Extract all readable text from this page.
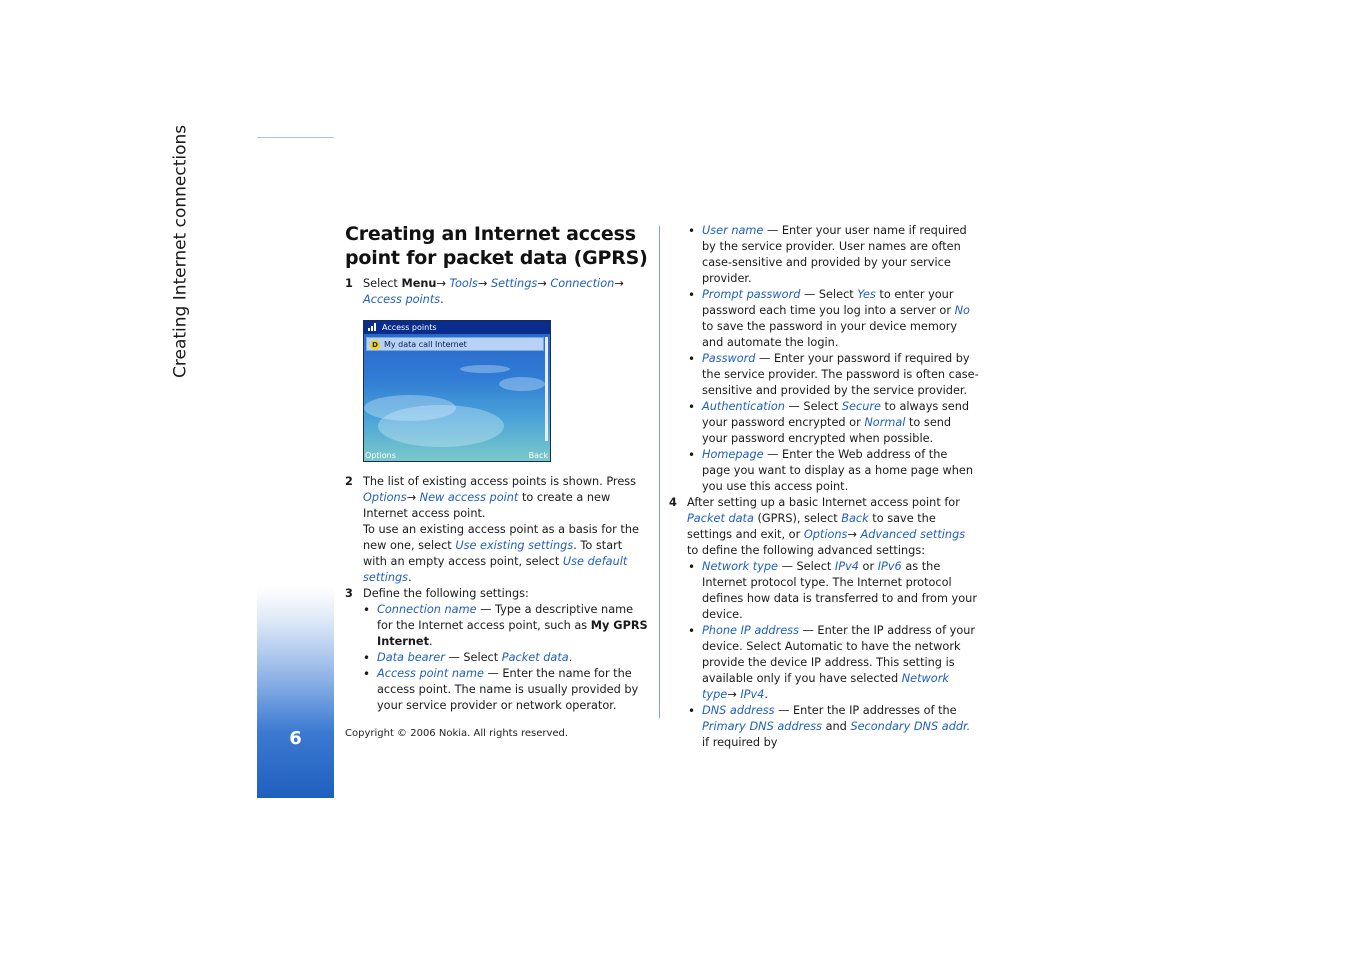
Creating Internet connections
6
Creating an Internet access point for packet data (GPRS)
1 Select Menu→ Tools→ Settings→ Connection→ Access points.
Access points
D My data call Internet
Options	Back
2 The list of existing access points is shown. Press Options→ New access point to create a new Internet access point.
To use an existing access point as a basis for the new one, select Use existing settings. To start with an empty access point, select Use default settings.
3 Define the following settings:
• Connection name — Type a descriptive name for the Internet access point, such as My GPRS Internet.
• Data bearer — Select Packet data.
• Access point name — Enter the name for the access point. The name is usually provided by your service provider or network operator.
• User name — Enter your user name if required by the service provider. User names are often case-sensitive and provided by your service provider.
• Prompt password — Select Yes to enter your password each time you log into a server or No to save the password in your device memory and automate the login.
• Password — Enter your password if required by the service provider. The password is often case-sensitive and provided by the service provider.
• Authentication — Select Secure to always send your password encrypted or Normal to send your password encrypted when possible.
• Homepage — Enter the Web address of the page you want to display as a home page when you use this access point.
4 After setting up a basic Internet access point for Packet data (GPRS), select Back to save the settings and exit, or Options→ Advanced settings to define the following advanced settings:
• Network type — Select IPv4 or IPv6 as the Internet protocol type. The Internet protocol defines how data is transferred to and from your device.
• Phone IP address — Enter the IP address of your device. Select Automatic to have the network provide the device IP address. This setting is available only if you have selected Network type→ IPv4.
• DNS address — Enter the IP addresses of the Primary DNS address and Secondary DNS addr. if required by
Copyright © 2006 Nokia. All rights reserved.
